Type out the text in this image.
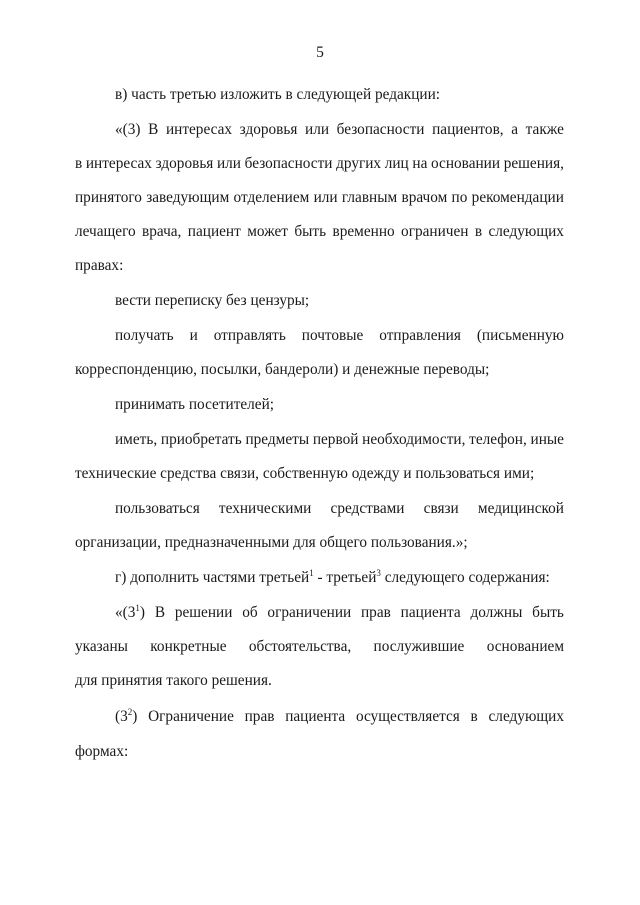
5
в) часть третью изложить в следующей редакции:
«(3) В интересах здоровья или безопасности пациентов, а также
в интересах здоровья или безопасности других лиц на основании решения,
принятого заведующим отделением или главным врачом по рекомендации
лечащего врача, пациент может быть временно ограничен в следующих
правах:
вести переписку без цензуры;
получать и отправлять почтовые отправления (письменную
корреспонденцию, посылки, бандероли) и денежные переводы;
принимать посетителей;
иметь, приобретать предметы первой необходимости, телефон, иные
технические средства связи, собственную одежду и пользоваться ими;
пользоваться техническими средствами связи медицинской
организации, предназначенными для общего пользования.»;
г) дополнить частями третьей$^1$ - третьей$^3$ следующего содержания:
«$(3^1)$ В решении об ограничении прав пациента должны быть
указаны конкретные обстоятельства, послужившие основанием
для принятия такого решения.
$(3^2)$ Ограничение прав пациента осуществляется в следующих
формах:
